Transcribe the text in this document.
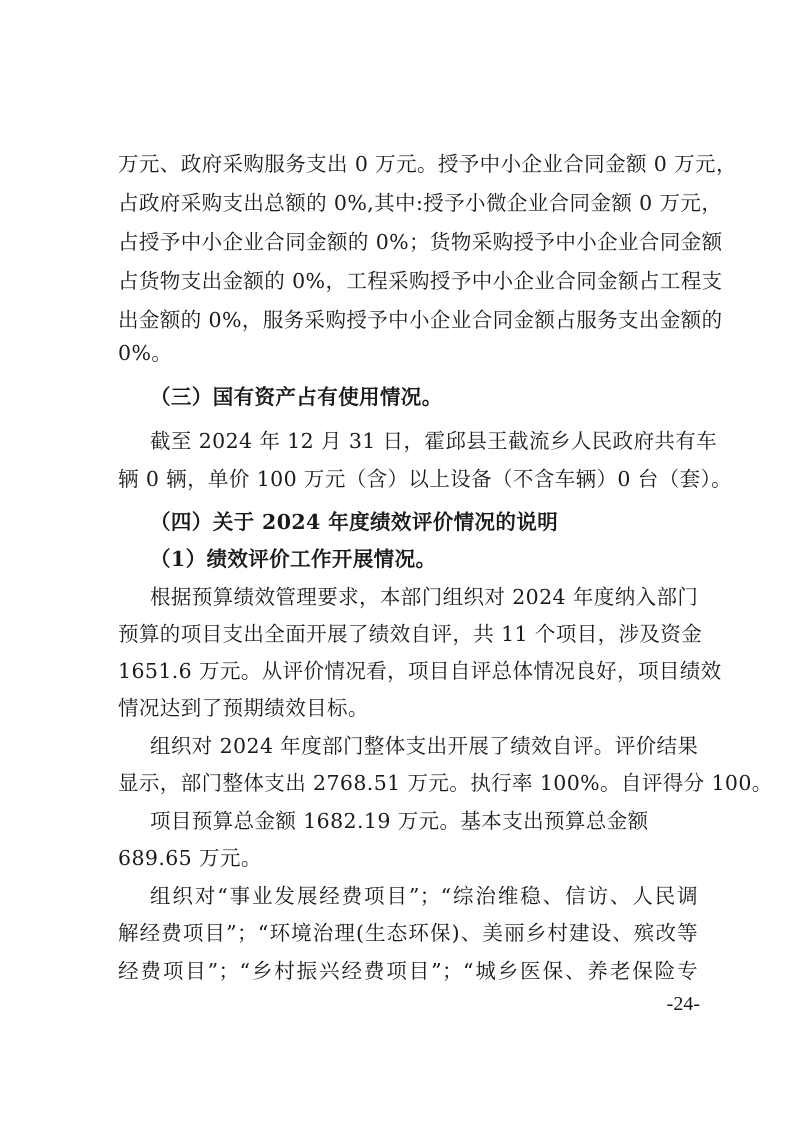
万元、政府采购服务支出 0 万元。授予中小企业合同金额 0 万元，
占政府采购支出总额的 0%,其中:授予小微企业合同金额 0 万元，
占授予中小企业合同金额的 0%；货物采购授予中小企业合同金额
占货物支出金额的 0%，工程采购授予中小企业合同金额占工程支
出金额的 0%，服务采购授予中小企业合同金额占服务支出金额的
0%。
（三）国有资产占有使用情况。
截至 2024 年 12 月 31 日，霍邱县王截流乡人民政府共有车
辆 0 辆，单价 100 万元（含）以上设备（不含车辆）0 台（套）。
（四）关于 2024 年度绩效评价情况的说明
（1）绩效评价工作开展情况。
根据预算绩效管理要求，本部门组织对 2024 年度纳入部门
预算的项目支出全面开展了绩效自评，共 11 个项目，涉及资金
1651.6 万元。从评价情况看，项目自评总体情况良好，项目绩效
情况达到了预期绩效目标。
组织对 2024 年度部门整体支出开展了绩效自评。评价结果
显示，部门整体支出 2768.51 万元。执行率 100%。自评得分 100。
项目预算总金额 1682.19 万元。基本支出预算总金额
689.65 万元。
组织对“事业发展经费项目”；“综治维稳、信访、人民调
解经费项目”；“环境治理(生态环保)、美丽乡村建设、殡改等
经费项目”；“乡村振兴经费项目”；“城乡医保、养老保险专
-24-
